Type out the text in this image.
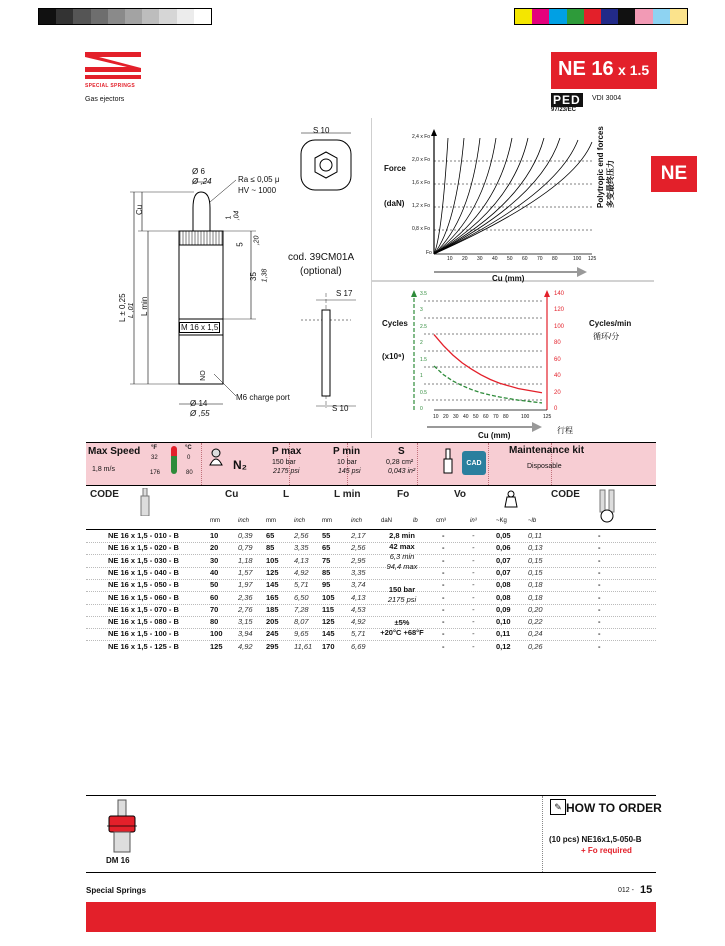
SPECIAL SPRINGS
Gas ejectors
NE 16 x 1.5
PED
97/23/EC
VDI 3004
NE
S 10
Ø 6
Ø ,24	Ra ≤ 0,05 μ
HV ~ 1000
Cu
1 ,04
5 ,20
35 1,38
L ± 0,25 L ,01 L min
M 16 x 1,5
ON
Ø 14
Ø ,55
M6 charge port
cod. 39CM01A
(optional)
S 17
S 10
Force
(daN)
2,4 x Fo
2,0 x Fo
1,6 x Fo
1,2 x Fo
0,8 x Fo
Fo
10 20 30 40 50 60 70 80	100 125
Cu (mm)
Polytropic end forces 多变最终压力
Cycles
(x10⁶)
3.5
3
2.5
2
1.5
1
0.5
0
140
120
100
80
60
40
20
0
Cycles/min
循环/分
10 20 30 40 50 60 70 80 100	125
Cu (mm)
行程
Max Speed
1,8 m/s
°F	°C
32	0
176	80
N₂
P max
150 bar
2175 psi
P min
10 bar
145 psi
S
0,28 cm²
0,043 in²
CAD
Maintenance kit
Disposable
CODE	Cu	L	L min	Fo	Vo	CODE
mm	inch	mm	inch	mm	inch	daN	lb	cm³	in³	~Kg	~lb
NE 16 x 1,5 - 010 - B	10	0,39 65	2,56 55	2,17	-	-	0,05 0,11	-
NE 16 x 1,5 - 020 - B	20	0,79 85	3,35 65	2,56	-	-	0,06 0,13	-
NE 16 x 1,5 - 030 - B	30	1,18 105 4,13 75	2,95	-	-	0,07 0,15	-
NE 16 x 1,5 - 040 - B	40	1,57 125 4,92 85	3,35	-	-	0,07 0,15	-
NE 16 x 1,5 - 050 - B	50	1,97 145 5,71 95	3,74	-	-	0,08 0,18	-
NE 16 x 1,5 - 060 - B	60	2,36 165 6,50 105 4,13	-	-	0,08 0,18	-
NE 16 x 1,5 - 070 - B	70	2,76 185 7,28 115 4,53	-	-	0,09 0,20	-
NE 16 x 1,5 - 080 - B	80	3,15 205 8,07 125 4,92	-	-	0,10 0,22	-
NE 16 x 1,5 - 100 - B	100 3,94 245 9,65 145 5,71	-	-	0,11 0,24	-
NE 16 x 1,5 - 125 - B	125 4,92 295 11,61 170 6,69	-	-	0,12 0,26	-
2,8 min
42 max
6,3 min
94,4 max
150 bar
2175 psi
±5%
+20°C +68°F
DM 16
✎ HOW TO ORDER
(10 pcs) NE16x1,5-050-B
+ Fo required
Special Springs	012 - 15
